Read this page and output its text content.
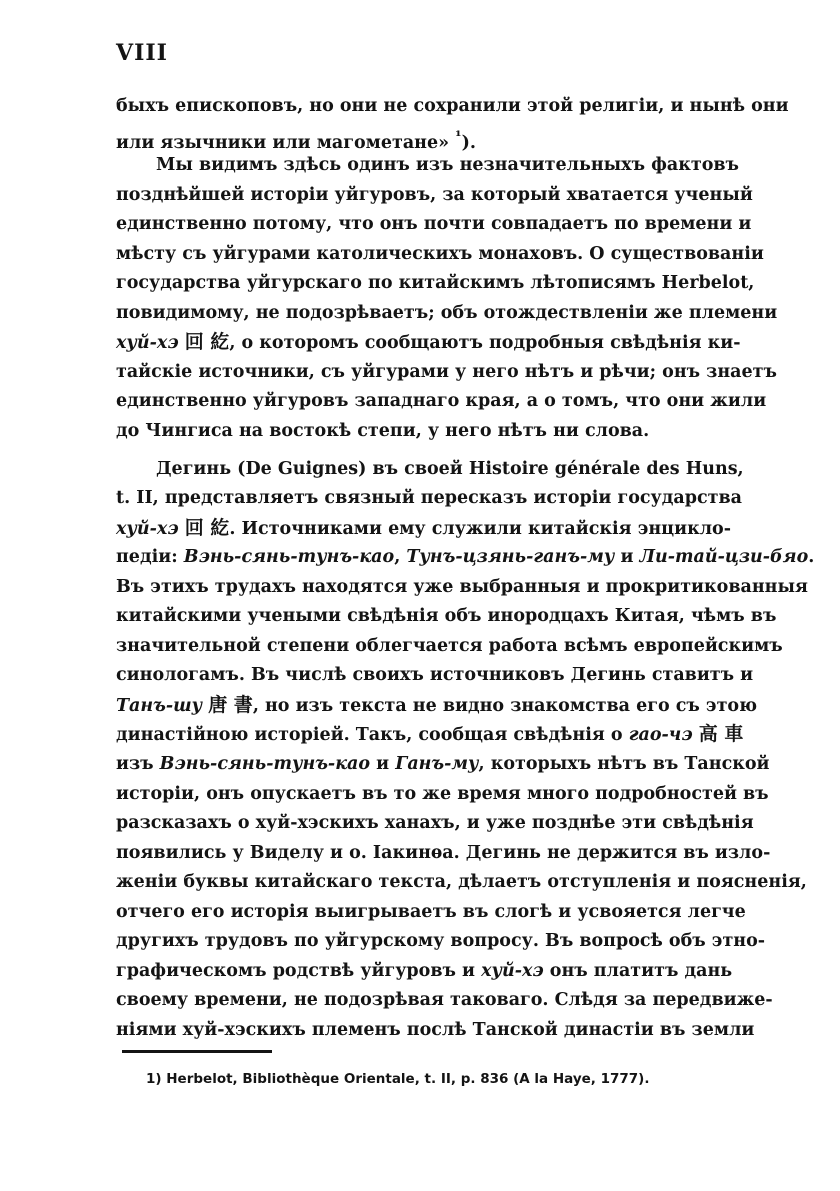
VIII

быхъ епископовъ, но они не сохранили этой религіи, и нынѣ они
или язычники или магометане» $^{^1}$).
Мы видимъ здѣсь одинъ изъ незначительныхъ фактовъ
позднѣйшей исторіи уйгуровъ, за который хватается ученый
единственно потому, что онъ почти совпадаетъ по времени и
мѣсту съ уйгурами католическихъ монаховъ. О существованіи
государства уйгурскаго по китайскимъ лѣтописямъ Herbelot,
повидимому, не подозрѣваетъ; объ отождествленіи же племени
хуй-хэ 回 紇, о которомъ сообщаютъ подробныя свѣдѣнія ки-
тайскіе источники, съ уйгурами у него нѣтъ и рѣчи; онъ знаетъ
единственно уйгуровъ западнаго края, а о томъ, что они жили
до Чингиса на востокѣ степи, у него нѣтъ ни слова.
Дегинь (De Guignes) въ своей Histoire générale des Huns,
t. II, представляетъ связный пересказъ исторіи государства
хуй-хэ 回 紇. Источниками ему служили китайскія энцикло-
педіи: Вэнь-сянь-тунъ-као, Тунъ-цзянь-ганъ-му и Ли-тай-цзи-бяо.
Въ этихъ трудахъ находятся уже выбранныя и прокритикованныя
китайскими учеными свѣдѣнія объ инородцахъ Китая, чѣмъ въ
значительной степени облегчается работа всѣмъ европейскимъ
синологамъ. Въ числѣ своихъ источниковъ Дегинь ставитъ и
Танъ-шу 唐 書, но изъ текста не видно знакомства его съ этою
династійною исторіей. Такъ, сообщая свѣдѣнія о гао-чэ 高 車
изъ Вэнь-сянь-тунъ-као и Ганъ-му, которыхъ нѣтъ въ Танской
исторіи, онъ опускаетъ въ то же время много подробностей въ
разсказахъ о хуй-хэскихъ ханахъ, и уже позднѣе эти свѣдѣнія
появились у Виделу и о. Іакинѳа. Дегинь не держится въ изло-
женіи буквы китайскаго текста, дѣлаетъ отступленія и поясненія,
отчего его исторія выигрываетъ въ слогѣ и усвояется легче
другихъ трудовъ по уйгурскому вопросу. Въ вопросѣ объ этно-
графическомъ родствѣ уйгуровъ и хуй-хэ онъ платитъ дань
своему времени, не подозрѣвая таковаго. Слѣдя за передвиже-
ніями хуй-хэскихъ племенъ послѣ Танской династіи въ земли

1) Herbelot, Bibliothèque Orientale, t. II, p. 836 (A la Haye, 1777).
